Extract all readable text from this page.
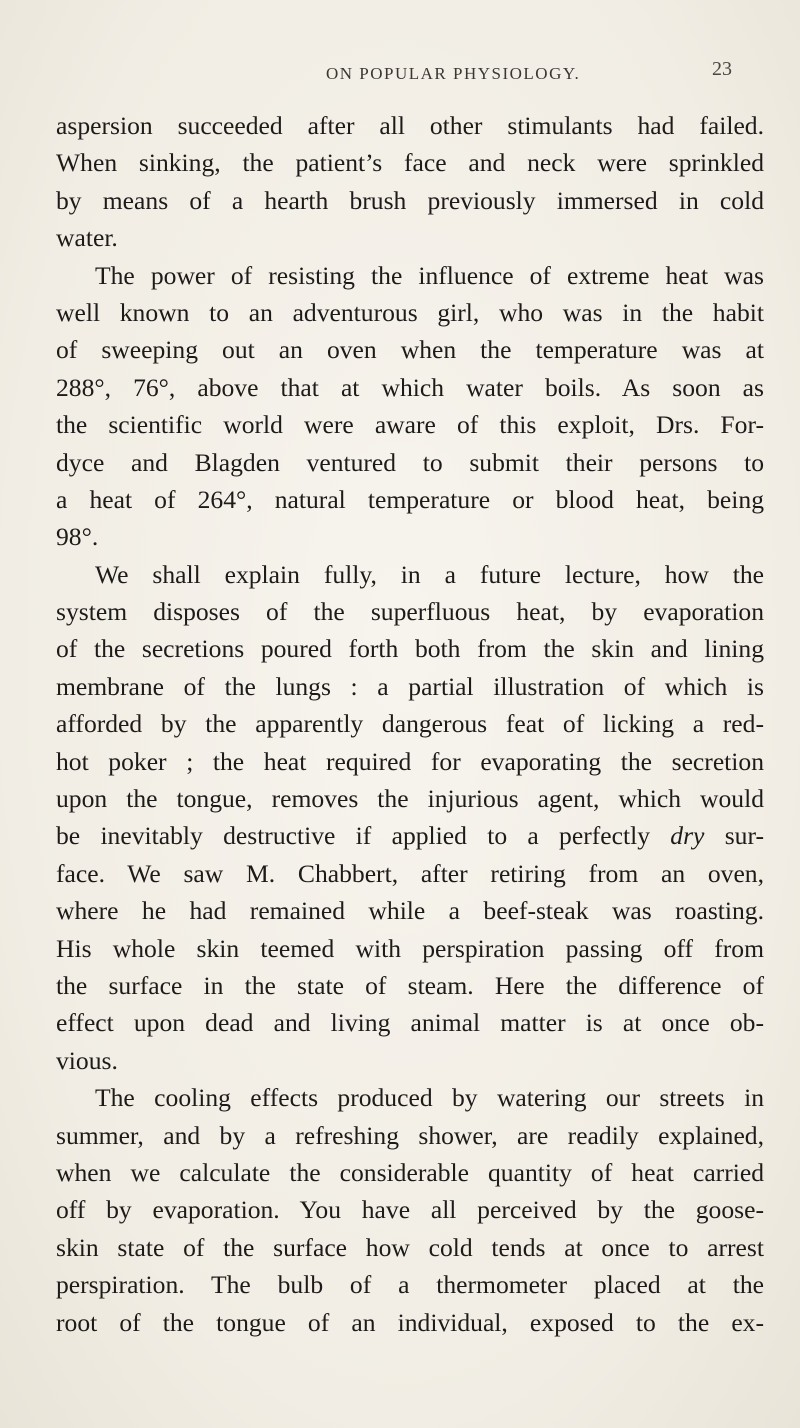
ON POPULAR PHYSIOLOGY.	23
aspersion succeeded after all other stimulants had failed.
When sinking, the patient’s face and neck were sprinkled
by means of a hearth brush previously immersed in cold
water.
The power of resisting the influence of extreme heat was
well known to an adventurous girl, who was in the habit
of sweeping out an oven when the temperature was at
288°, 76°, above that at which water boils. As soon as
the scientific world were aware of this exploit, Drs. For-
dyce and Blagden ventured to submit their persons to
a heat of 264°, natural temperature or blood heat, being
98°.
We shall explain fully, in a future lecture, how the
system disposes of the superfluous heat, by evaporation
of the secretions poured forth both from the skin and lining
membrane of the lungs : a partial illustration of which is
afforded by the apparently dangerous feat of licking a red-
hot poker ; the heat required for evaporating the secretion
upon the tongue, removes the injurious agent, which would
be inevitably destructive if applied to a perfectly dry sur-
face. We saw M. Chabbert, after retiring from an oven,
where he had remained while a beef-steak was roasting.
His whole skin teemed with perspiration passing off from
the surface in the state of steam. Here the difference of
effect upon dead and living animal matter is at once ob-
vious.
The cooling effects produced by watering our streets in
summer, and by a refreshing shower, are readily explained,
when we calculate the considerable quantity of heat carried
off by evaporation. You have all perceived by the goose-
skin state of the surface how cold tends at once to arrest
perspiration. The bulb of a thermometer placed at the
root of the tongue of an individual, exposed to the ex-
